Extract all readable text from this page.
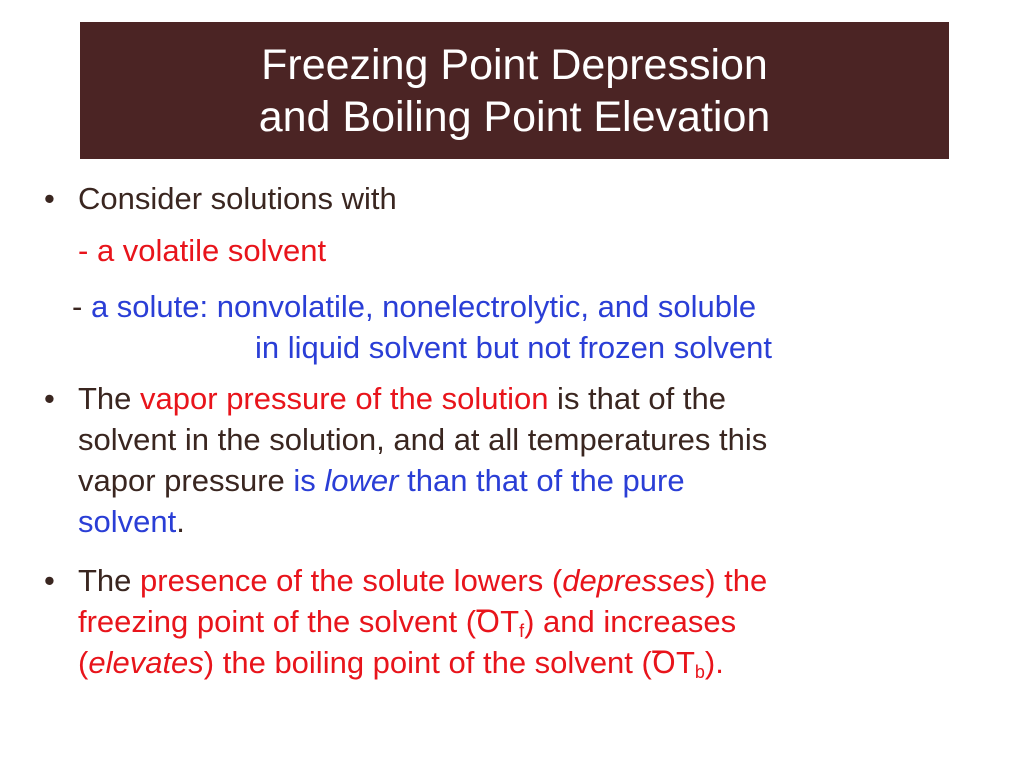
Freezing Point Depression
and Boiling Point Elevation
• Consider solutions with
- a volatile solvent
- a solute: nonvolatile, nonelectrolytic, and soluble
in liquid solvent but not frozen solvent
• The vapor pressure of the solution is that of the
solvent in the solution, and at all temperatures this
vapor pressure is lower than that of the pure
solvent.
• The presence of the solute lowers (depresses) the
freezing point of the solvent (ꝹT$_f$) and increases
(elevates) the boiling point of the solvent (ꝹT$_b$).
